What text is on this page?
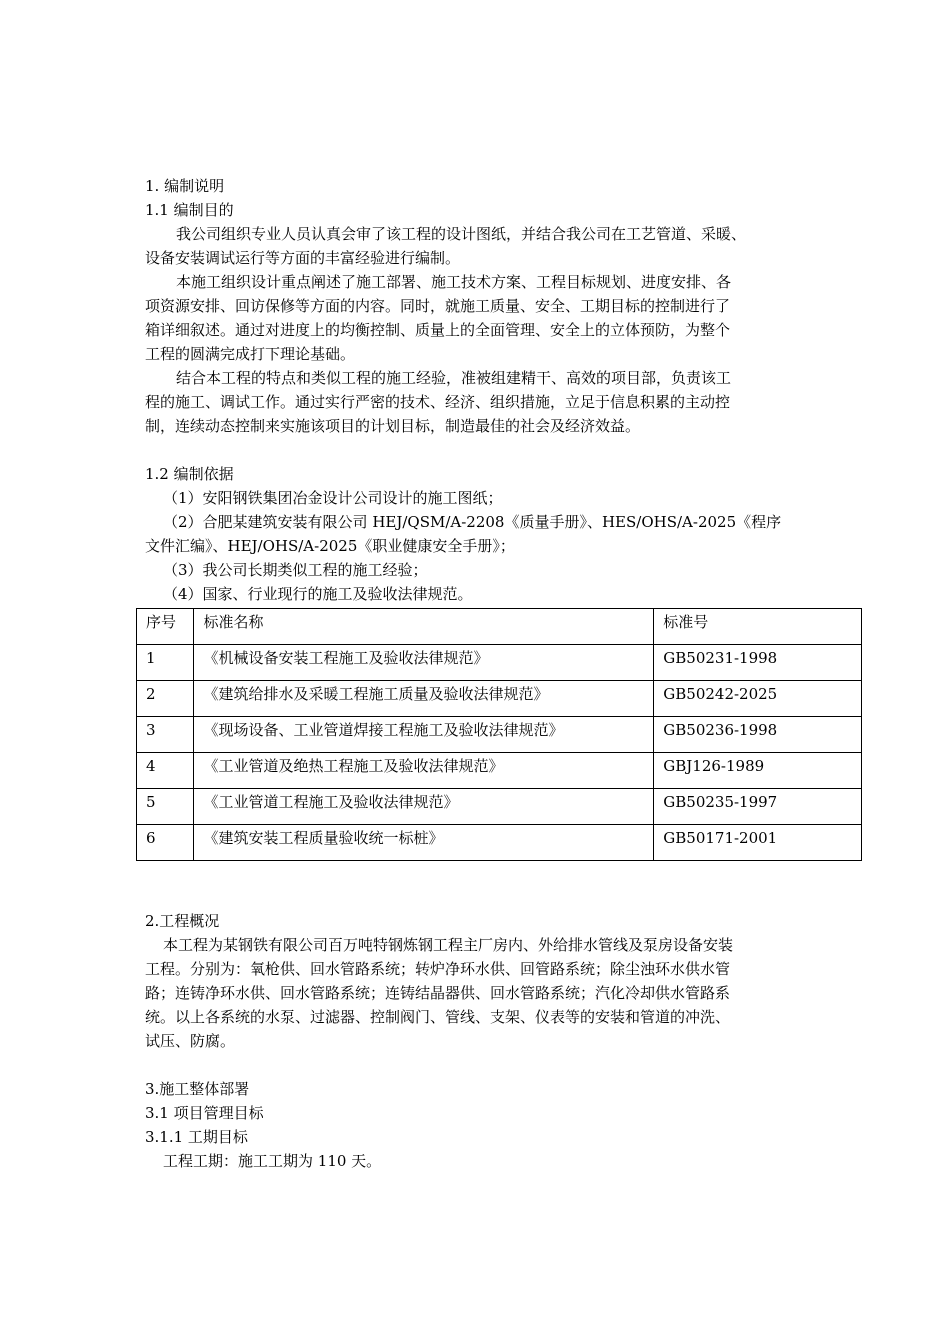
1. 编制说明
1.1 编制目的
我公司组织专业人员认真会审了该工程的设计图纸，并结合我公司在工艺管道、采暖、
设备安装调试运行等方面的丰富经验进行编制。
本施工组织设计重点阐述了施工部署、施工技术方案、工程目标规划、进度安排、各
项资源安排、回访保修等方面的内容。同时，就施工质量、安全、工期目标的控制进行了
箱详细叙述。通过对进度上的均衡控制、质量上的全面管理、安全上的立体预防，为整个
工程的圆满完成打下理论基础。
结合本工程的特点和类似工程的施工经验，准被组建精干、高效的项目部，负责该工
程的施工、调试工作。通过实行严密的技术、经济、组织措施，立足于信息积累的主动控
制，连续动态控制来实施该项目的计划目标，制造最佳的社会及经济效益。
1.2 编制依据
（1）安阳钢铁集团冶金设计公司设计的施工图纸；
（2）合肥某建筑安装有限公司 HEJ/QSM/A-2208《质量手册》、HES/OHS/A-2025《程序
文件汇编》、HEJ/OHS/A-2025《职业健康安全手册》；
（3）我公司长期类似工程的施工经验；
（4）国家、行业现行的施工及验收法律规范。
序号	标准名称	标准号
1	《机械设备安装工程施工及验收法律规范》	GB50231-1998
2	《建筑给排水及采暖工程施工质量及验收法律规范》	GB50242-2025
3	《现场设备、工业管道焊接工程施工及验收法律规范》	GB50236-1998
4	《工业管道及绝热工程施工及验收法律规范》	GBJ126-1989
5	《工业管道工程施工及验收法律规范》	GB50235-1997
6	《建筑安装工程质量验收统一标桩》	GB50171-2001
2.工程概况
本工程为某钢铁有限公司百万吨特钢炼钢工程主厂房内、外给排水管线及泵房设备安装
工程。分别为：氧枪供、回水管路系统；转炉净环水供、回管路系统；除尘浊环水供水管
路；连铸净环水供、回水管路系统；连铸结晶器供、回水管路系统；汽化冷却供水管路系
统。以上各系统的水泵、过滤器、控制阀门、管线、支架、仪表等的安装和管道的冲洗、
试压、防腐。
3.施工整体部署
3.1 项目管理目标
3.1.1 工期目标
工程工期：施工工期为 110 天。
